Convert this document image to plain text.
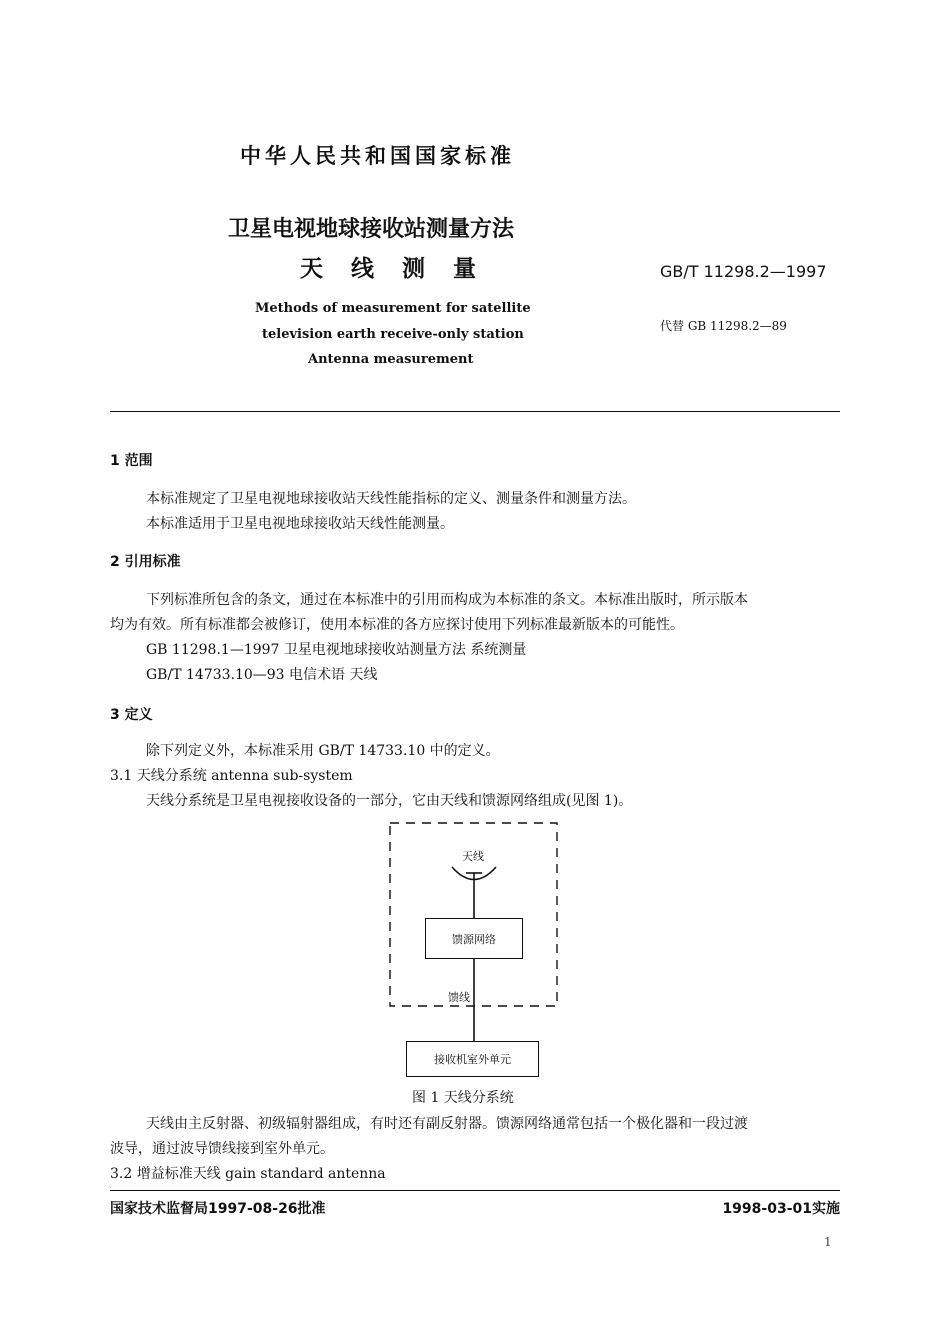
中华人民共和国国家标准
卫星电视地球接收站测量方法
天 线 测 量	GB/T 11298.2—1997
代替 GB 11298.2—89
Methods of measurement for satellite
television earth receive-only station
Antenna measurement
1 范围
本标准规定了卫星电视地球接收站天线性能指标的定义、测量条件和测量方法。
本标准适用于卫星电视地球接收站天线性能测量。
2 引用标准
下列标准所包含的条文，通过在本标准中的引用而构成为本标准的条文。本标准出版时，所示版本
均为有效。所有标准都会被修订，使用本标准的各方应探讨使用下列标准最新版本的可能性。
GB 11298.1—1997 卫星电视地球接收站测量方法 系统测量
GB/T 14733.10—93 电信术语 天线
3 定义
除下列定义外，本标准采用 GB/T 14733.10 中的定义。
3.1 天线分系统 antenna sub-system
天线分系统是卫星电视接收设备的一部分，它由天线和馈源网络组成(见图 1)。
天线
馈源网络
馈线
接收机室外单元
图 1 天线分系统
天线由主反射器、初级辐射器组成，有时还有副反射器。馈源网络通常包括一个极化器和一段过渡
波导，通过波导馈线接到室外单元。
3.2 增益标准天线 gain standard antenna
国家技术监督局1997-08-26批准	1998-03-01实施
1
